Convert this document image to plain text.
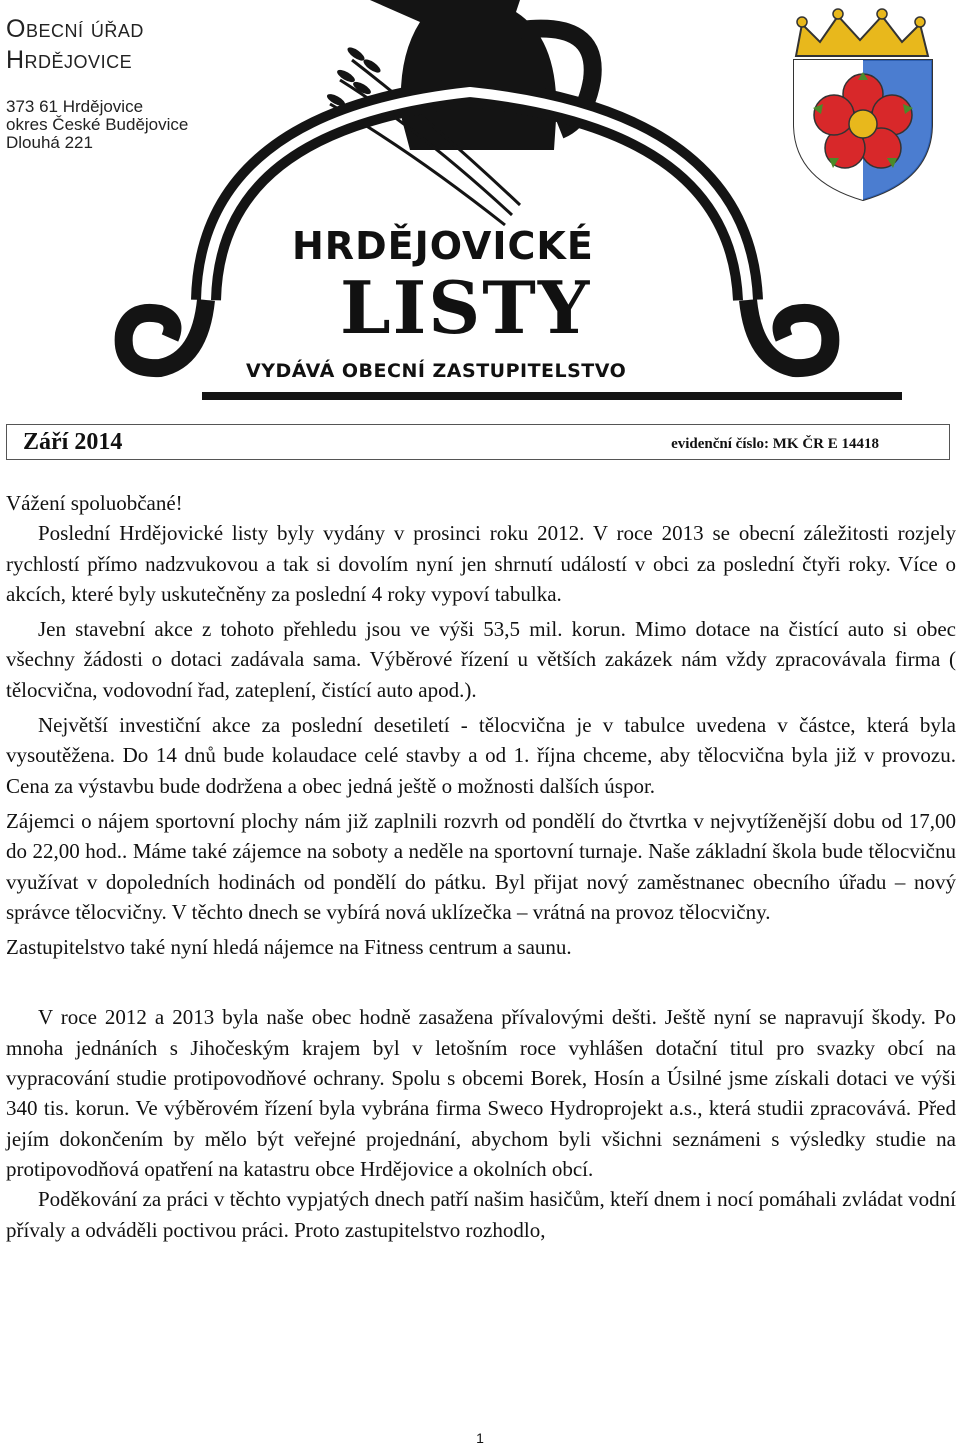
Obecní úřad
Hrdějovice
373 61 Hrdějovice
okres České Budějovice
Dlouhá 221
HRDĚJOVICKÉ
LISTY
VYDÁVÁ OBECNÍ ZASTUPITELSTVO
Září 2014	evidenční číslo: MK ČR E 14418

Vážení spoluobčané!

Poslední Hrdějovické listy byly vydány v prosinci roku 2012. V roce 2013 se obecní záležitosti rozjely rychlostí přímo nadzvukovou a tak si dovolím nyní jen shrnutí událostí v obci za poslední čtyři roky. Více o akcích, které byly uskutečněny za poslední 4 roky vypoví tabulka.

Jen stavební akce z tohoto přehledu jsou ve výši 53,5 mil. korun. Mimo dotace na čistící auto si obec všechny žádosti o dotaci zadávala sama. Výběrové řízení u větších zakázek nám vždy zpracovávala firma ( tělocvična, vodovodní řad, zateplení, čistící auto apod.).

Největší investiční akce za poslední desetiletí - tělocvična je v tabulce uvedena v částce, která byla vysoutěžena. Do 14 dnů bude kolaudace celé stavby a od 1. října chceme, aby tělocvična byla již v provozu. Cena za výstavbu bude dodržena a obec jedná ještě o možnosti dalších úspor.

Zájemci o nájem sportovní plochy nám již zaplnili rozvrh od pondělí do čtvrtka v nejvytíženější dobu od 17,00 do 22,00 hod.. Máme také zájemce na soboty a neděle na sportovní turnaje. Naše základní škola bude tělocvičnu využívat v dopoledních hodinách od pondělí do pátku. Byl přijat nový zaměstnanec obecního úřadu – nový správce tělocvičny. V těchto dnech se vybírá nová uklízečka – vrátná na provoz tělocvičny.

Zastupitelstvo také nyní hledá nájemce na Fitness centrum a saunu.

V roce 2012 a 2013 byla naše obec hodně zasažena přívalovými dešti. Ještě nyní se napravují škody. Po mnoha jednáních s Jihočeským krajem byl v letošním roce vyhlášen dotační titul pro svazky obcí na vypracování studie protipovodňové ochrany. Spolu s obcemi Borek, Hosín a Úsilné jsme získali dotaci ve výši 340 tis. korun. Ve výběrovém řízení byla vybrána firma Sweco Hydroprojekt a.s., která studii zpracovává. Před jejím dokončením by mělo být veřejné projednání, abychom byli všichni seznámeni s výsledky studie na protipovodňová opatření na katastru obce Hrdějovice a okolních obcí.

Poděkování za práci v těchto vypjatých dnech patří našim hasičům, kteří dnem i nocí pomáhali zvládat vodní přívaly a odváděli poctivou práci. Proto zastupitelstvo rozhodlo,

1
